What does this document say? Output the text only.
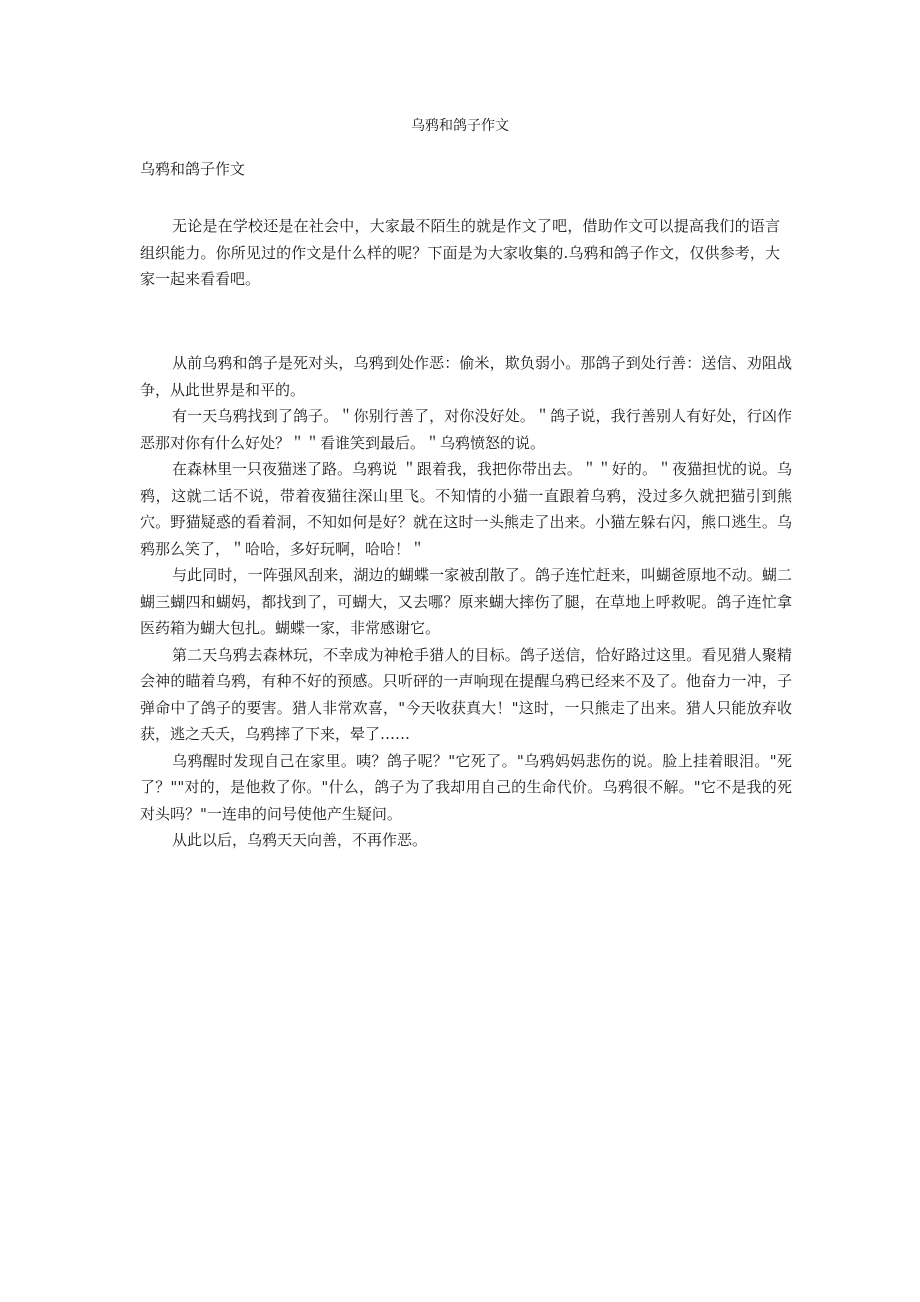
乌鸦和鸽子作文

乌鸦和鸽子作文

无论是在学校还是在社会中，大家最不陌生的就是作文了吧，借助作文可以提高我们的语言组织能力。你所见过的作文是什么样的呢？下面是为大家收集的.乌鸦和鸽子作文，仅供参考，大家一起来看看吧。

从前乌鸦和鸽子是死对头，乌鸦到处作恶：偷米，欺负弱小。那鸽子到处行善：送信、劝阻战争，从此世界是和平的。

有一天乌鸦找到了鸽子。＂你别行善了，对你没好处。＂鸽子说，我行善别人有好处，行凶作恶那对你有什么好处？＂＂看谁笑到最后。＂乌鸦愤怒的说。

在森林里一只夜猫迷了路。乌鸦说 ＂跟着我，我把你带出去。＂＂好的。＂夜猫担忧的说。乌鸦，这就二话不说，带着夜猫往深山里飞。不知情的小猫一直跟着乌鸦，没过多久就把猫引到熊穴。野猫疑惑的看着洞，不知如何是好？就在这时一头熊走了出来。小猫左躲右闪，熊口逃生。乌鸦那么笑了，＂哈哈，多好玩啊，哈哈！＂

与此同时，一阵强风刮来，湖边的蝴蝶一家被刮散了。鸽子连忙赶来，叫蝴爸原地不动。蝴二蝴三蝴四和蝴妈，都找到了，可蝴大，又去哪？原来蝴大摔伤了腿，在草地上呼救呢。鸽子连忙拿医药箱为蝴大包扎。蝴蝶一家，非常感谢它。

第二天乌鸦去森林玩，不幸成为神枪手猎人的目标。鸽子送信，恰好路过这里。看见猎人聚精会神的瞄着乌鸦，有种不好的预感。只听砰的一声响现在提醒乌鸦已经来不及了。他奋力一冲，子弹命中了鸽子的要害。猎人非常欢喜，"今天收获真大！"这时，一只熊走了出来。猎人只能放弃收获，逃之夭夭，乌鸦摔了下来，晕了……

乌鸦醒时发现自己在家里。咦？鸽子呢？"它死了。"乌鸦妈妈悲伤的说。脸上挂着眼泪。"死了？""对的，是他救了你。"什么，鸽子为了我却用自己的生命代价。乌鸦很不解。"它不是我的死对头吗？"一连串的问号使他产生疑问。

从此以后，乌鸦天天向善，不再作恶。
